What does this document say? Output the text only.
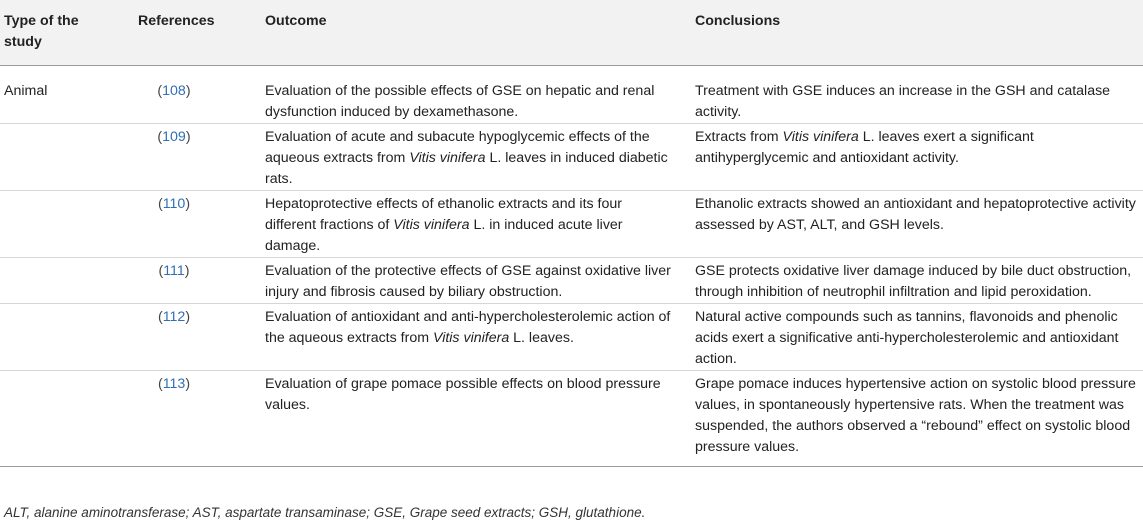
Type of the study	References	Outcome	Conclusions
Animal	(108)	Evaluation of the possible effects of GSE on hepatic and renal dysfunction induced by dexamethasone.	Treatment with GSE induces an increase in the GSH and catalase activity.
	(109)	Evaluation of acute and subacute hypoglycemic effects of the aqueous extracts from Vitis vinifera L. leaves in induced diabetic rats.	Extracts from Vitis vinifera L. leaves exert a significant antihyperglycemic and antioxidant activity.
	(110)	Hepatoprotective effects of ethanolic extracts and its four different fractions of Vitis vinifera L. in induced acute liver damage.	Ethanolic extracts showed an antioxidant and hepatoprotective activity assessed by AST, ALT, and GSH levels.
	(111)	Evaluation of the protective effects of GSE against oxidative liver injury and fibrosis caused by biliary obstruction.	GSE protects oxidative liver damage induced by bile duct obstruction, through inhibition of neutrophil infiltration and lipid peroxidation.
	(112)	Evaluation of antioxidant and anti-hypercholesterolemic action of the aqueous extracts from Vitis vinifera L. leaves.	Natural active compounds such as tannins, flavonoids and phenolic acids exert a significative anti-hypercholesterolemic and antioxidant action.
	(113)	Evaluation of grape pomace possible effects on blood pressure values.	Grape pomace induces hypertensive action on systolic blood pressure values, in spontaneously hypertensive rats. When the treatment was suspended, the authors observed a “rebound” effect on systolic blood pressure values.

ALT, alanine aminotransferase; AST, aspartate transaminase; GSE, Grape seed extracts; GSH, glutathione.
